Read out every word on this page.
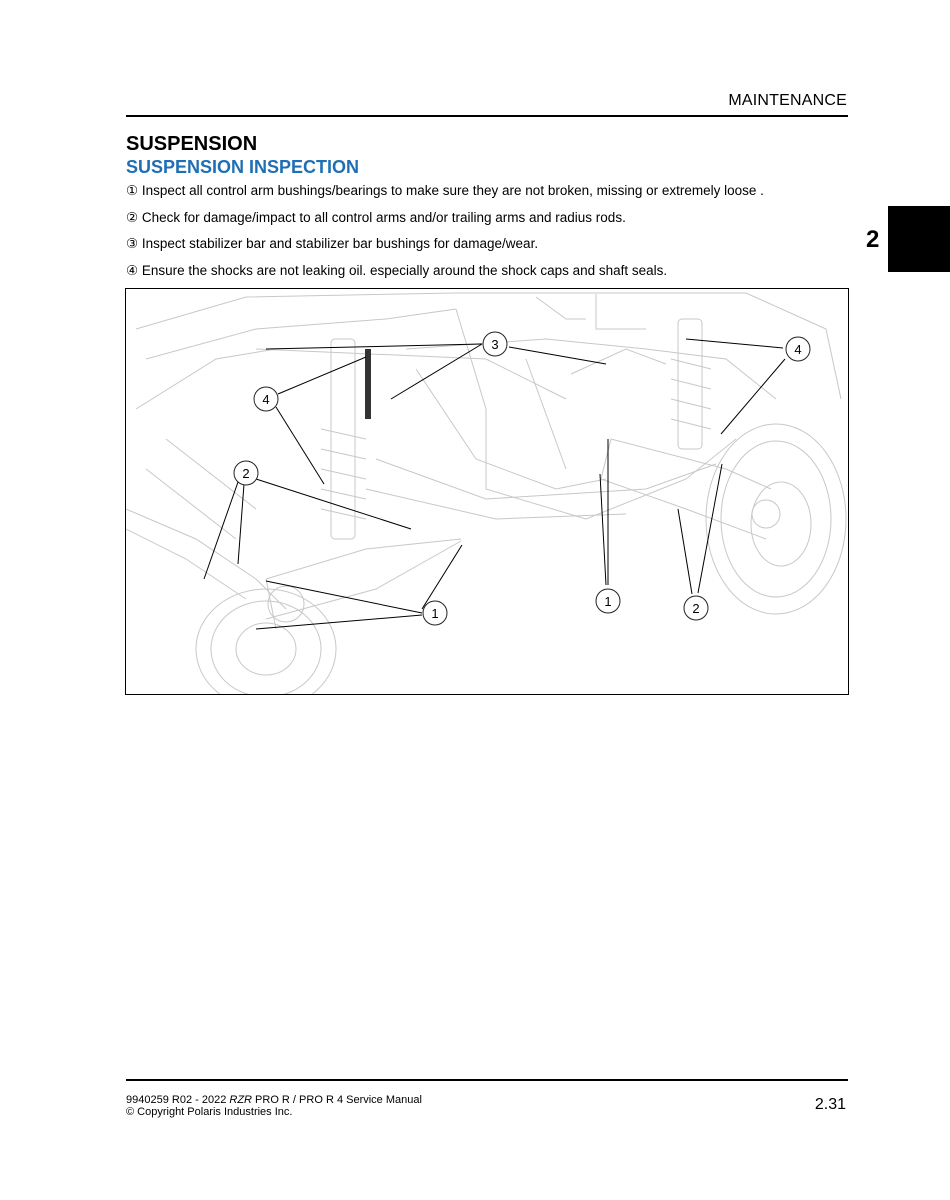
MAINTENANCE
2
SUSPENSION
SUSPENSION INSPECTION
① Inspect all control arm bushings/bearings to make sure they are not broken, missing or extremely loose .
② Check for damage/impact to all control arms and/or trailing arms and radius rods.
③ Inspect stabilizer bar and stabilizer bar bushings for damage/wear.
④ Ensure the shocks are not leaking oil. especially around the shock caps and shaft seals.
3
4
4
2
1
1	2
9940259 R02 - 2022 RZR PRO R / PRO R 4 Service Manual
© Copyright Polaris Industries Inc.	2.31
